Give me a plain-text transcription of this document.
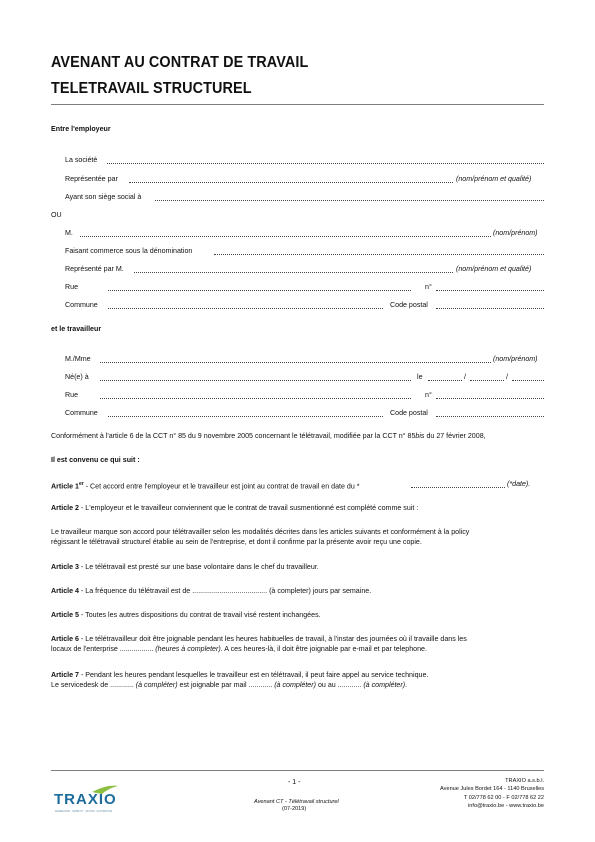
AVENANT AU CONTRAT DE TRAVAIL
TELETRAVAIL STRUCTUREL
Entre l'employeur
La société
Représentée par	(nom/prénom et qualité)
Ayant son siège social à
OU
M.	(nom/prénom)
Faisant commerce sous la dénomination
Représenté par M.	(nom/prénom et qualité)
Rue	n°
Commune	Code postal
et le travailleur
M./Mme	(nom/prénom)
Né(e) à	le	/	/
Rue	n°
Commune	Code postal
Conformément à l'article 6 de la CCT n° 85 du 9 novembre 2005 concernant le télétravail, modifiée par la CCT n° 85bis du 27 février 2008,
Il est convenu ce qui suit :
Article 1er - Cet accord entre l'employeur et le travailleur est joint au contrat de travail en date du *	(*date).
Article 2 - L'employeur et le travailleur conviennent que le contrat de travail susmentionné est complété comme suit :
Le travailleur marque son accord pour télétravailler selon les modalités décrites dans les articles suivants et conformément à la policy
régissant le télétravail structurel établie au sein de l'entreprise, et dont il confirme par la présente avoir reçu une copie.
Article 3 - Le télétravail est presté sur une base volontaire dans le chef du travailleur.
Article 4 - La fréquence du télétravail est de ...................................... (à completer) jours par semaine.
Article 5 - Toutes les autres dispositions du contrat de travail visé restent inchangées.
Article 6 - Le télétravailleur doit être joignable pendant les heures habituelles de travail, à l'instar des journées où il travaille dans les
locaux de l'enterprise ................. (heures à completer). A ces heures-là, il doit être joignable par e-mail et par telephone.
Article 7 - Pendant les heures pendant lesquelles le travailleur est en télétravail, il peut faire appel au service technique.
Le servicedesk de ............ (à compléter) est joignable par mail ............ (à compléter) ou au ............ (à compléter).
TRAXIO
FEDERATION · MOBILITY · MOTOR · AUTOMOTIVE
- 1 -
Avenant CT - Télétravail structurel
(07-2019)
TRAXIO a.s.b.l.
Avenue Jules Bordet 164 - 1140 Bruxelles
T 02/778 62 00 - F 02/778 62 22
info@traxio.be - www.traxio.be
